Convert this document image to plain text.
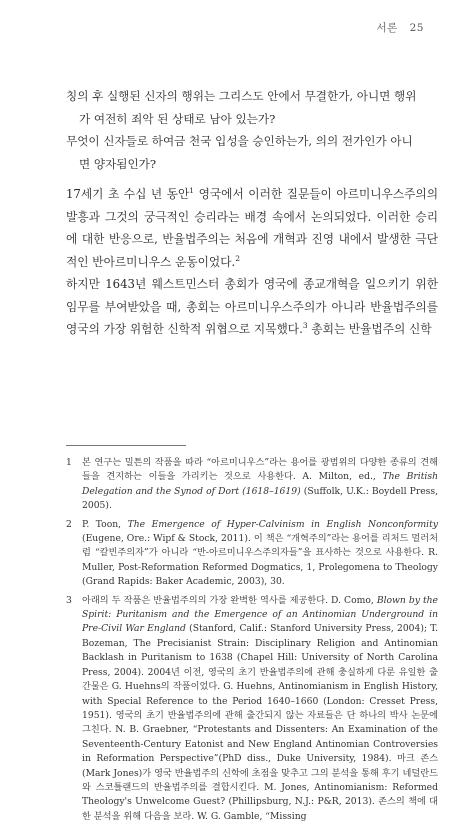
서론 25

칭의 후 실행된 신자의 행위는 그리스도 안에서 무결한가, 아니면 행위
가 여전히 죄악 된 상태로 남아 있는가?

무엇이 신자들로 하여금 천국 입성을 승인하는가, 의의 전가인가 아니
면 양자됨인가?

17세기 초 수십 년 동안$^1$ 영국에서 이러한 질문들이 아르미니우스주의의 발흥과 그것의 궁극적인 승리라는 배경 속에서 논의되었다. 이러한 승리에 대한 반응으로, 반율법주의는 처음에 개혁과 진영 내에서 발생한 극단적인 반아르미니우스 운동이었다.$^2$

하지만 1643년 웨스트민스터 총회가 영국에 종교개혁을 일으키기 위한 임무를 부여받았을 때, 총회는 아르미니우스주의가 아니라 반율법주의를 영국의 가장 위험한 신학적 위협으로 지목했다.$^3$ 총회는 반율법주의 신학

1 본 연구는 밀튼의 작품을 따라 “아르미니우스”라는 용어를 광범위의 다양한 종류의 견해들을 견지하는 이들을 가리키는 것으로 사용한다. A. Milton, ed., The British Delegation and the Synod of Dort (1618–1619) (Suffolk, U.K.: Boydell Press, 2005).
2 P. Toon, The Emergence of Hyper-Calvinism in English Nonconformity (Eugene, Ore.: Wipf & Stock, 2011). 이 책은 “개혁주의”라는 용어를 리처드 멀러처럼 “칼빈주의자”가 아니라 “반-아르미니우스주의자들”을 표사하는 것으로 사용한다. R. Muller, Post-Reformation Reformed Dogmatics, 1, Prolegomena to Theology (Grand Rapids: Baker Academic, 2003), 30.
3 아래의 두 작품은 반율법주의의 가장 완벽한 역사를 제공한다. D. Como, Blown by the Spirit: Puritanism and the Emergence of an Antinomian Underground in Pre-Civil War England (Stanford, Calif.: Stanford University Press, 2004); T. Bozeman, The Precisianist Strain: Disciplinary Religion and Antinomian Backlash in Puritanism to 1638 (Chapel Hill: University of North Carolina Press, 2004). 2004년 이전, 영국의 초기 반율법주의에 관해 충실하게 다룬 유일한 출간물은 G. Huehns의 작품이었다. G. Huehns, Antinomianism in English History, with Special Reference to the Period 1640–1660 (London: Cresset Press, 1951). 영국의 초기 반율법주의에 관해 출간되지 않는 자료들은 단 하나의 박사 논문에 그친다. N. B. Graebner, “Protestants and Dissenters: An Examination of the Seventeenth-Century Eatonist and New England Antinomian Controversies in Reformation Perspective”(PhD diss., Duke University, 1984). 마크 존스(Mark Jones)가 영국 반율법주의 신학에 초점을 맞추고 그의 분석을 통해 후기 네덜란드와 스코틀랜드의 반율법주의를 결합시킨다. M. Jones, Antinomianism: Reformed Theology's Unwelcome Guest? (Phillipsburg, N.J.: P&R, 2013). 존스의 책에 대한 분석을 위해 다음을 보라. W. G. Gamble, “Missing
